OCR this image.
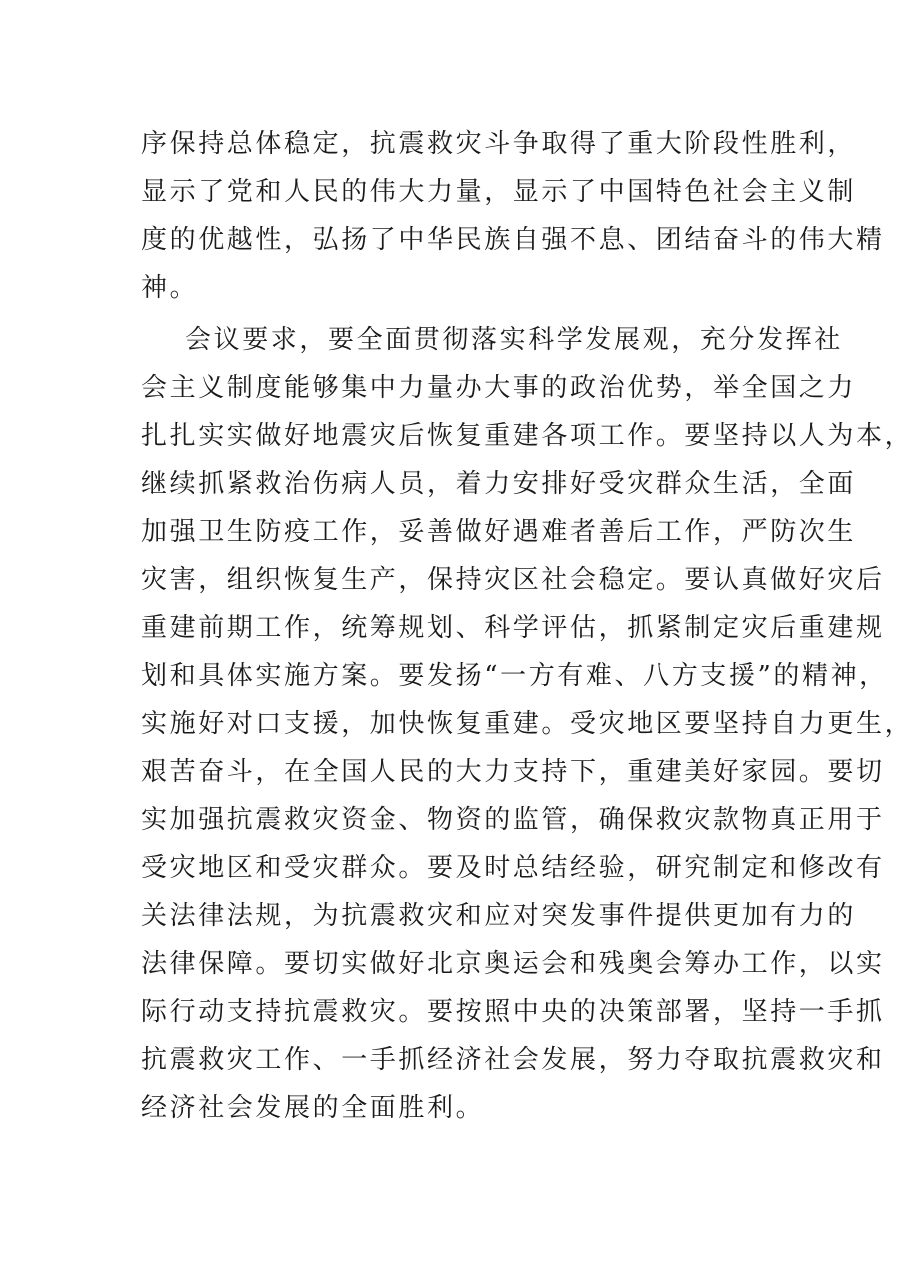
序保持总体稳定，抗震救灾斗争取得了重大阶段性胜利，
显示了党和人民的伟大力量，显示了中国特色社会主义制
度的优越性，弘扬了中华民族自强不息、团结奋斗的伟大精
神。
会议要求，要全面贯彻落实科学发展观，充分发挥社
会主义制度能够集中力量办大事的政治优势，举全国之力
扎扎实实做好地震灾后恢复重建各项工作。要坚持以人为本，
继续抓紧救治伤病人员，着力安排好受灾群众生活，全面
加强卫生防疫工作，妥善做好遇难者善后工作，严防次生
灾害，组织恢复生产，保持灾区社会稳定。要认真做好灾后
重建前期工作，统筹规划、科学评估，抓紧制定灾后重建规
划和具体实施方案。要发扬“一方有难、八方支援”的精神，
实施好对口支援，加快恢复重建。受灾地区要坚持自力更生，
艰苦奋斗，在全国人民的大力支持下，重建美好家园。要切
实加强抗震救灾资金、物资的监管，确保救灾款物真正用于
受灾地区和受灾群众。要及时总结经验，研究制定和修改有
关法律法规，为抗震救灾和应对突发事件提供更加有力的
法律保障。要切实做好北京奥运会和残奥会筹办工作，以实
际行动支持抗震救灾。要按照中央的决策部署，坚持一手抓
抗震救灾工作、一手抓经济社会发展，努力夺取抗震救灾和
经济社会发展的全面胜利。
